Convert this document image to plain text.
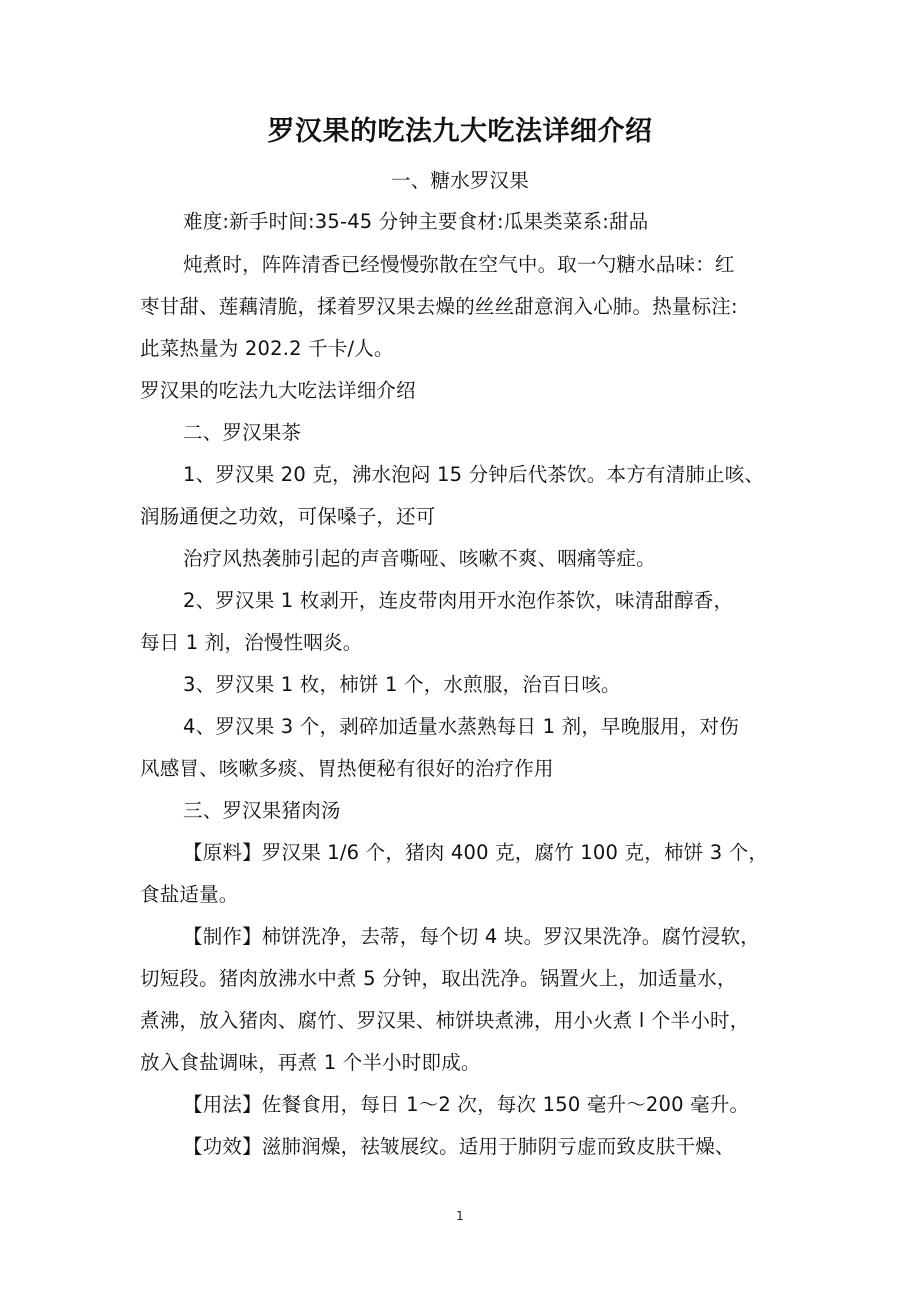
罗汉果的吃法九大吃法详细介绍
一、糖水罗汉果
难度:新手时间:35-45 分钟主要食材:瓜果类菜系:甜品
炖煮时，阵阵清香已经慢慢弥散在空气中。取一勺糖水品味：红
枣甘甜、莲藕清脆，揉着罗汉果去燥的丝丝甜意润入心肺。热量标注:
此菜热量为 202.2 千卡/人。
罗汉果的吃法九大吃法详细介绍
二、罗汉果茶
1、罗汉果 20 克，沸水泡闷 15 分钟后代茶饮。本方有清肺止咳、
润肠通便之功效，可保嗓子，还可
治疗风热袭肺引起的声音嘶哑、咳嗽不爽、咽痛等症。
2、罗汉果 1 枚剥开，连皮带肉用开水泡作茶饮，味清甜醇香，
每日 1 剂，治慢性咽炎。
3、罗汉果 1 枚，柿饼 1 个，水煎服，治百日咳。
4、罗汉果 3 个，剥碎加适量水蒸熟每日 1 剂，早晚服用，对伤
风感冒、咳嗽多痰、胃热便秘有很好的治疗作用
三、罗汉果猪肉汤
【原料】罗汉果 1/6 个，猪肉 400 克，腐竹 100 克，柿饼 3 个，
食盐适量。
【制作】柿饼洗净，去蒂，每个切 4 块。罗汉果洗净。腐竹浸软，
切短段。猪肉放沸水中煮 5 分钟，取出洗净。锅置火上，加适量水，
煮沸，放入猪肉、腐竹、罗汉果、柿饼块煮沸，用小火煮 l 个半小时，
放入食盐调味，再煮 1 个半小时即成。
【用法】佐餐食用，每日 1～2 次，每次 150 毫升～200 毫升。
【功效】滋肺润燥，祛皱展纹。适用于肺阴亏虚而致皮肤干燥、
1
